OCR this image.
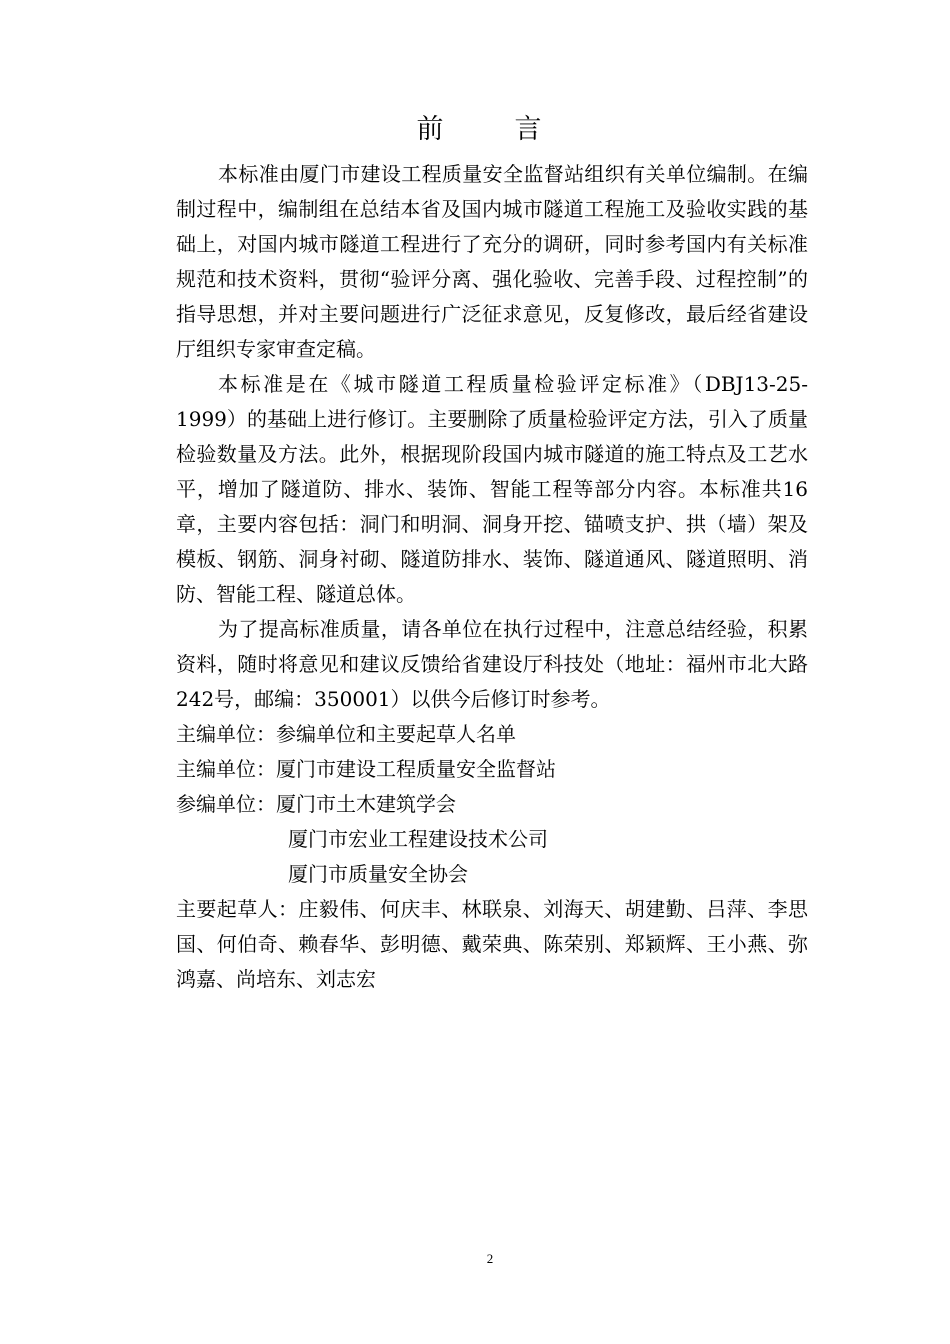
前　言

本标准由厦门市建设工程质量安全监督站组织有关单位编制。在编制过程中，编制组在总结本省及国内城市隧道工程施工及验收实践的基础上，对国内城市隧道工程进行了充分的调研，同时参考国内有关标准规范和技术资料，贯彻“验评分离、强化验收、完善手段、过程控制”的指导思想，并对主要问题进行广泛征求意见，反复修改，最后经省建设厅组织专家审查定稿。

本标准是在《城市隧道工程质量检验评定标准》（DBJ13-25-1999）的基础上进行修订。主要删除了质量检验评定方法，引入了质量检验数量及方法。此外，根据现阶段国内城市隧道的施工特点及工艺水平，增加了隧道防、排水、装饰、智能工程等部分内容。本标准共16章，主要内容包括：洞门和明洞、洞身开挖、锚喷支护、拱（墙）架及模板、钢筋、洞身衬砌、隧道防排水、装饰、隧道通风、隧道照明、消防、智能工程、隧道总体。

为了提高标准质量，请各单位在执行过程中，注意总结经验，积累资料，随时将意见和建议反馈给省建设厅科技处（地址：福州市北大路242号，邮编：350001）以供今后修订时参考。

主编单位：参编单位和主要起草人名单

主编单位：厦门市建设工程质量安全监督站

参编单位：厦门市土木建筑学会

厦门市宏业工程建设技术公司

厦门市质量安全协会

主要起草人：庄毅伟、何庆丰、林联泉、刘海天、胡建勤、吕萍、李思国、何伯奇、赖春华、彭明德、戴荣典、陈荣别、郑颖辉、王小燕、弥鸿嘉、尚培东、刘志宏

2
